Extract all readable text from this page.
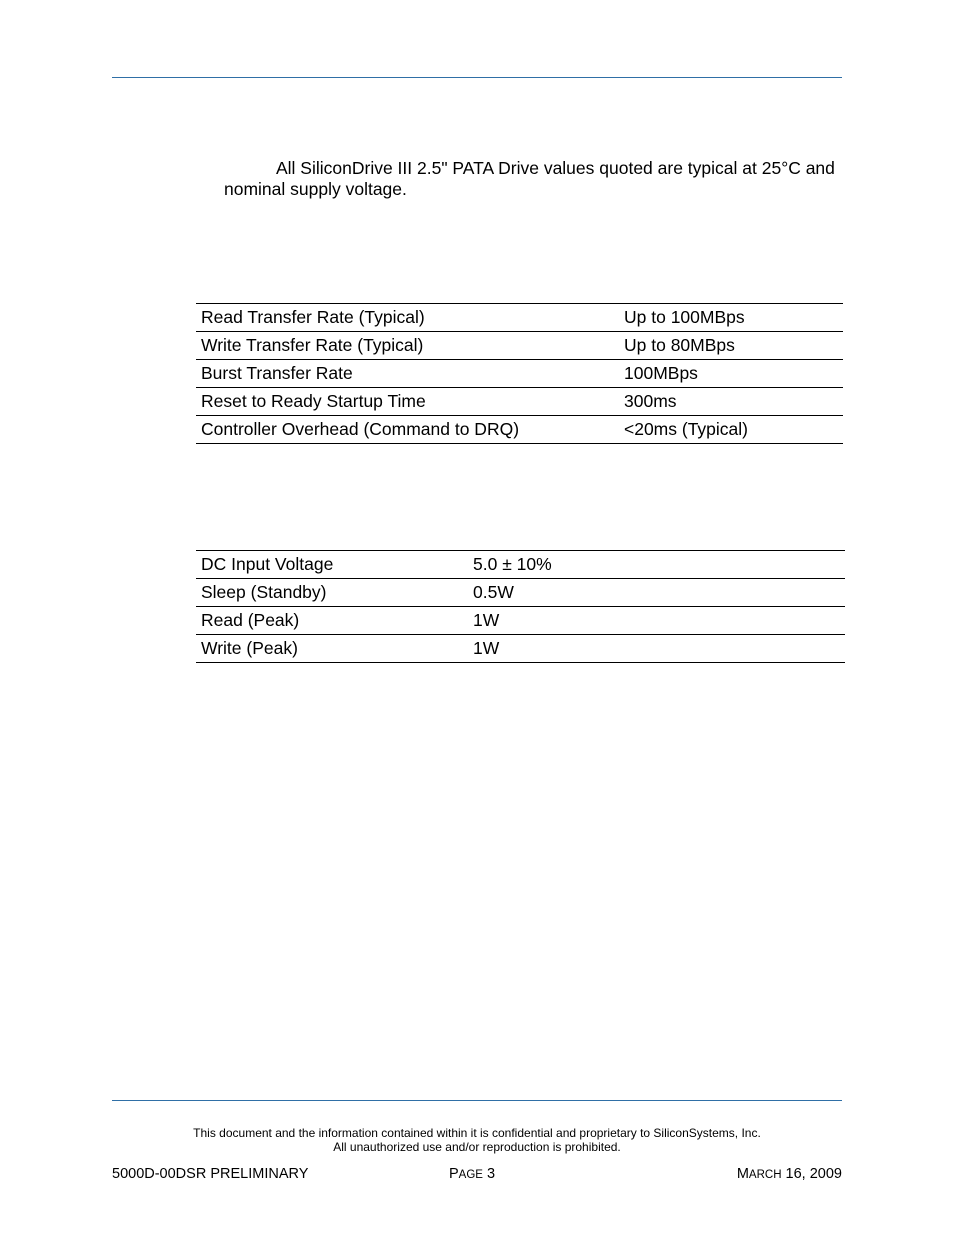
All SiliconDrive III 2.5" PATA Drive values quoted are typical at 25°C and nominal supply voltage.

Read Transfer Rate (Typical)	Up to 100MBps
Write Transfer Rate (Typical)	Up to 80MBps
Burst Transfer Rate	100MBps
Reset to Ready Startup Time	300ms
Controller Overhead (Command to DRQ)	<20ms (Typical)
DC Input Voltage	5.0 ± 10%
Sleep (Standby)	0.5W
Read (Peak)	1W
Write (Peak)	1W
This document and the information contained within it is confidential and proprietary to SiliconSystems, Inc.
All unauthorized use and/or reproduction is prohibited.
5000D-00DSR PRELIMINARY	PAGE 3	MARCH 16, 2009
